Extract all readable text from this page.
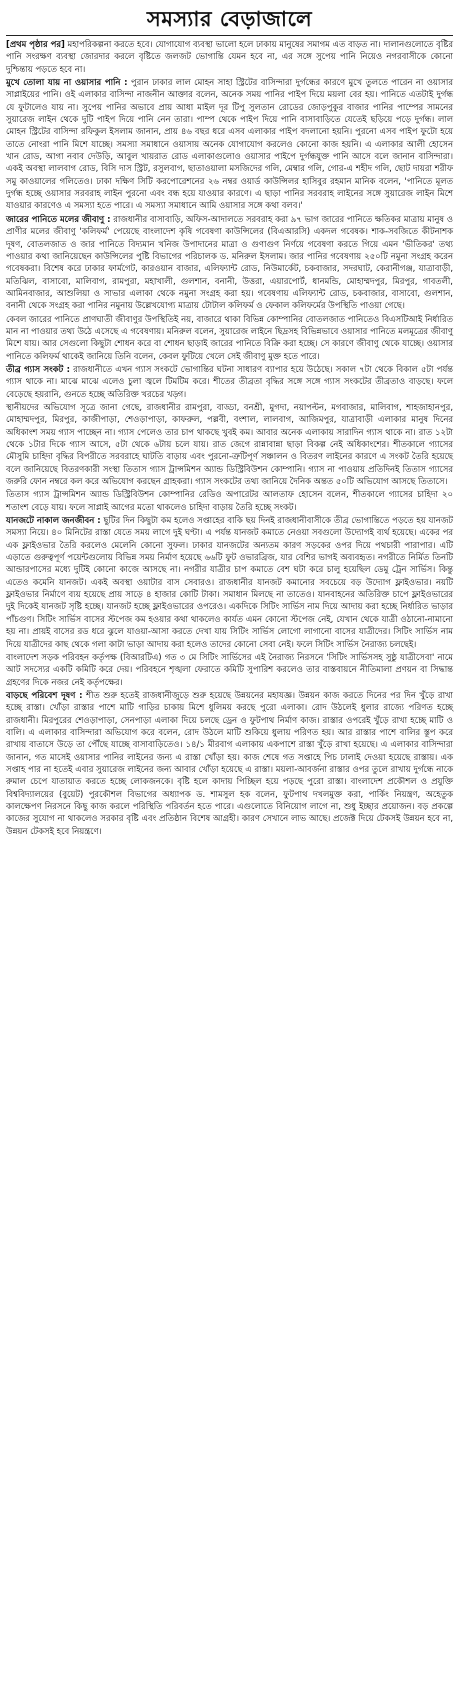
সমস্যার বেড়াজালে

[প্রথম পৃষ্ঠার পর] মহাপরিকল্পনা করতে হবে। যোগাযোগ ব্যবস্থা ভালো হলে ঢাকায় মানুষের সমাগম এত বাড়ত না। দালানগুলোতে বৃষ্টির পানি সংরক্ষণ ব্যবস্থা জোরদার করলে বৃষ্টিতে জলজট ভোগান্তি যেমন হবে না, এর সঙ্গে সুপেয় পানি নিয়েও নগরবাসীকে কোনো দুশ্চিন্তায় পড়তে হবে না।

মুখে তোলা যায় না ওয়াসার পানি : পুরান ঢাকার লাল মোহন সাহা স্ট্রিটের বাসিন্দারা দুর্গন্ধের কারণে মুখে তুলতে পারেন না ওয়াসার সাপ্লাইয়ের পানি। ওই এলাকার বাসিন্দা নাজনীন আক্তার বলেন, অনেক সময় পানির পাইপ দিয়ে ময়লা বের হয়। পানিতে এতটাই দুর্গন্ধ যে ফুটালেও যায় না। সুপেয় পানির অভাবে প্রায় আধা মাইল দূর টিপু সুলতান রোডের জোড়পুকুর বাজার পানির পাম্পের সামনের সুয়ারেজ লাইন থেকে দুটি পাইপ দিয়ে পানি নেন তারা। পাম্প থেকে পাইপ দিয়ে পানি বাসাবাড়িতে যেতেই ছড়িয়ে পড়ে দুর্গন্ধ। লাল মোহন স্ট্রিটের বাসিন্দা রফিকুল ইসলাম জানান, প্রায় ৪৬ বছর ধরে এসব এলাকার পাইপ বদলানো হয়নি। পুরনো এসব পাইপ ফুটো হয়ে তাতে নোংরা পানি মিশে যাচ্ছে। সমস্যা সমাধানে ওয়াসায় অনেক যোগাযোগ করলেও কোনো কাজ হয়নি। এ এলাকার আলী হোসেন খান রোড, আগা নবাব দেউড়ি, আবুল খায়রাত রোড এলাকাগুলোও ওয়াসার পাইপে দুর্গন্ধযুক্ত পানি আসে বলে জানান বাসিন্দারা। একই অবস্থা লালবাগ রোড, বিসি দাস স্ট্রিট, রসুলবাগ, ছাতাওয়ালা মসজিদের গলি, মেম্বার গলি, গোর-এ শহীদ গলি, ছোট দায়রা শরীফ সমু কাওয়ালের গলিতেও। ঢাকা দক্ষিণ সিটি করপোরেশনের ২৬ নম্বর ওয়ার্ড কাউন্সিলর হাসিবুর রহমান মানিক বলেন, 'পানিতে মূলত দুর্গন্ধ হচ্ছে ওয়াসার সরবরাহ লাইন পুরনো এবং বন্ধ হয়ে যাওয়ার কারণে। এ ছাড়া পানির সরবরাহ লাইনের সঙ্গে সুয়ারেজ লাইন মিশে যাওয়ার কারণেও এ সমস্যা হতে পারে। এ সমস্যা সমাধানে আমি ওয়াসার সঙ্গে কথা বলব।'

জারের পানিতে মলের জীবাণু : রাজধানীর বাসাবাড়ি, অফিস-আদালতে সরবরাহ করা ৯৭ ভাগ জারের পানিতে ক্ষতিকর মাত্রায় মানুষ ও প্রাণীর মলের জীবাণু 'কলিফর্ম' পেয়েছে বাংলাদেশ কৃষি গবেষণা কাউন্সিলের (বিএআরসি) একদল গবেষক। শাক-সবজিতে কীটনাশক দূষণ, বোতলজাত ও জার পানিতে বিদ্যমান খনিজ উপাদানের মাত্রা ও গুণাগুণ নির্ণয়ে গবেষণা করতে গিয়ে এমন 'ভীতিকর' তথ্য পাওয়ার কথা জানিয়েছেন কাউন্সিলের পুষ্টি বিভাগের পরিচালক ড. মনিরুল ইসলাম। জার পানির গবেষণায় ২৫০টি নমুনা সংগ্রহ করেন গবেষকরা। বিশেষ করে ঢাকার ফার্মগেট, কারওয়ান বাজার, এলিফ্যান্ট রোড, নিউমার্কেট, চকবাজার, সদরঘাট, কেরানীগঞ্জ, যাত্রাবাড়ী, মতিঝিল, বাসাবো, মালিবাগ, রামপুরা, মহাখালী, গুলশান, বনানী, উত্তরা, এয়ারপোর্ট, ধানমন্ডি, মোহাম্মদপুর, মিরপুর, গাবতলী, আমিনবাজার, আশুলিয়া ও সাভার এলাকা থেকে নমুনা সংগ্রহ করা হয়। গবেষণায় এলিফ্যান্ট রোড, চকবাজার, বাসাবো, গুলশান, বনানী থেকে সংগ্রহ করা পানির নমুনায় উল্লেখযোগ্য মাত্রায় টোটাল কলিফর্ম ও ফেকাল কলিফর্মের উপস্থিতি পাওয়া গেছে।

কেবল জারের পানিতে প্রাণঘাতী জীবাণুর উপস্থিতিই নয়, বাজারে থাকা বিভিন্ন কোম্পানির বোতলজাত পানিতেও বিএসটিআই নির্ধারিত মান না পাওয়ার তথ্য উঠে এসেছে এ গবেষণায়। মনিরুল বলেন, সুয়ারেজ লাইনে ছিদ্রসহ বিভিন্নভাবে ওয়াসার পানিতে মলমূত্রের জীবাণু মিশে যায়। আর সেগুলো কিছুটা শোধন করে বা শোধন ছাড়াই জারের পানিতে বিক্রি করা হচ্ছে। সে কারণে জীবাণু থেকে যাচ্ছে। ওয়াসার পানিতে কলিফর্ম থাকেই জানিয়ে তিনি বলেন, কেবল ফুটিয়ে খেলে সেই জীবাণু মুক্ত হতে পারে।

তীব্র গ্যাস সংকট : রাজধানীতে এখন গ্যাস সংকটে ভোগান্তির ঘটনা সাধারণ ব্যাপার হয়ে উঠেছে। সকাল ৭টা থেকে বিকাল ৫টা পর্যন্ত গ্যাস থাকে না। মাঝে মাঝে এলেও চুলা জ্বলে টিমটিম করে। শীতের তীব্রতা বৃদ্ধির সঙ্গে সঙ্গে গ্যাস সংকটের তীব্রতাও বাড়ছে। ফলে বেড়েছে হয়রানি, গুনতে হচ্ছে অতিরিক্ত খরচের খড়্গ।

স্থানীয়দের অভিযোগ সূত্রে জানা গেছে, রাজধানীর রামপুরা, বাড্ডা, বনশ্রী, মুগদা, নয়াপল্টন, মগবাজার, মালিবাগ, শাহজাহানপুর, মোহাম্মদপুর, মিরপুর, কাজীপাড়া, শেওড়াপাড়া, কাফরুল, পল্লবী, বংশাল, লালবাগ, আজিমপুর, যাত্রাবাড়ী এলাকার মানুষ দিনের অধিকাংশ সময় গ্যাস পাচ্ছেন না। গ্যাস পেলেও তার চাপ থাকছে খুবই কম। আবার অনেক এলাকায় সারাদিন গ্যাস থাকে না। রাত ১২টা থেকে ১টার দিকে গ্যাস আসে, ৫টা থেকে ৬টায় চলে যায়। রাত জেগে রান্নাবান্না ছাড়া বিকল্প নেই অধিকাংশের। শীতকালে গ্যাসের মৌসুমি চাহিদা বৃদ্ধির বিপরীতে সরবরাহে ঘাটতি বাড়ায় এবং পুরনো-ত্রুটিপূর্ণ সঞ্চালন ও বিতরণ লাইনের কারণে এ সংকট তৈরি হয়েছে বলে জানিয়েছে বিতরণকারী সংস্থা তিতাস গ্যাস ট্রান্সমিশন অ্যান্ড ডিস্ট্রিবিউশন কোম্পানি। গ্যাস না পাওয়ায় প্রতিদিনই তিতাস গ্যাসের জরুরি ফোন নম্বরে কল করে অভিযোগ করছেন গ্রাহকরা। গ্যাস সংকটের তথ্য জানিয়ে দৈনিক অন্তত ৫০টি অভিযোগ আসছে তিতাসে।

তিতাস গ্যাস ট্রান্সমিশন অ্যান্ড ডিস্ট্রিবিউশন কোম্পানির রেডিও অপারেটর আলতাফ হোসেন বলেন, শীতকালে গ্যাসের চাহিদা ২০ শতাংশ বেড়ে যায়। ফলে সাপ্লাই আগের মতো থাকলেও চাহিদা বাড়ায় তৈরি হচ্ছে সংকট।

যানজটে নাকাল জনজীবন : ছুটির দিন কিছুটা কম হলেও সপ্তাহের বাকি ছয় দিনই রাজধানীবাসীকে তীব্র ভোগান্তিতে পড়তে হয় যানজট সমস্যা নিয়ে। ৪০ মিনিটের রাস্তা যেতে সময় লাগে দুই ঘণ্টা। এ পর্যন্ত যানজট কমাতে নেওয়া সবগুলো উদ্যোগই ব্যর্থ হয়েছে। একের পর এক ফ্লাইওভার তৈরি করলেও মেলেনি কোনো সুফল। ঢাকার যানজটের অন্যতম কারণ সড়কের ওপর দিয়ে পথচারী পারাপার। এটি এড়াতে গুরুত্বপূর্ণ পয়েন্টগুলোয় বিভিন্ন সময় নির্মাণ হয়েছে ৬৬টি ফুট ওভারব্রিজ, যার বেশির ভাগই অব্যবহৃত। নগরীতে নির্মিত তিনটি আন্ডারপাসের মধ্যে দুটিই কোনো কাজে আসছে না। নগরীর যাত্রীর চাপ কমাতে বেশ ঘটা করে চালু হয়েছিল ডেমু ট্রেন সার্ভিস। কিন্তু এতেও কমেনি যানজট। একই অবস্থা ওয়াটার বাস সেবারও। রাজধানীর যানজট কমানোর সবচেয়ে বড় উদ্যোগ ফ্লাইওভার। নয়টি ফ্লাইওভার নির্মাণে ব্যয় হয়েছে প্রায় সাড়ে ৪ হাজার কোটি টাকা। সমাধান মিলছে না তাতেও। যানবাহনের অতিরিক্ত চাপে ফ্লাইওভারের দুই দিকেই যানজট সৃষ্টি হচ্ছে। যানজট হচ্ছে ফ্লাইওভারের ওপরেও। একদিকে সিটিং সার্ভিস নাম দিয়ে আদায় করা হচ্ছে নির্ধারিত ভাড়ার পাঁচগুণ। সিটিং সার্ভিস বাসের স্টপেজ কম হওয়ার কথা থাকলেও কার্যত এমন কোনো স্টপেজ নেই, যেখান থেকে যাত্রী ওঠানো-নামানো হয় না। প্রায়ই বাসের রড ধরে ঝুলে যাওয়া-আসা করতে দেখা যায় সিটিং সার্ভিস লোগো লাগানো বাসের যাত্রীদের। সিটিং সার্ভিস নাম দিয়ে যাত্রীদের কাছ থেকে গলা কাটা ভাড়া আদায় করা হলেও তাদের কোনো সেবা নেই। ফলে সিটিং সার্ভিস নৈরাজ্য চলছেই।

বাংলাদেশ সড়ক পরিবহন কর্তৃপক্ষ (বিআরটিএ) গত ৩ মে সিটিং সার্ভিসের এই নৈরাজ্য নিরসনে 'সিটিং সার্ভিসসহ সুষ্ঠু যাত্রীসেবা' নামে আট সদস্যের একটি কমিটি করে দেয়। পরিবহনে শৃঙ্খলা ফেরাতে কমিটি সুপারিশ করলেও তার বাস্তবায়নে নীতিমালা প্রণয়ন বা সিদ্ধান্ত গ্রহণের দিকে নজর নেই কর্তৃপক্ষের।

বাড়ছে পরিবেশ দূষণ : শীত শুরু হতেই রাজধানীজুড়ে শুরু হয়েছে উন্নয়নের মহাযজ্ঞ। উন্নয়ন কাজ করতে দিনের পর দিন খুঁড়ে রাখা হচ্ছে রাস্তা। খোঁড়া রাস্তার পাশে মাটি গাড়ির চাকায় মিশে ধুলিময় করছে পুরো এলাকা। রোদ উঠলেই ধুলার রাজ্যে পরিণত হচ্ছে রাজধানী। মিরপুরের শেওড়াপাড়া, সেনপাড়া এলাকা দিয়ে চলছে ড্রেন ও ফুটপাথ নির্মাণ কাজ। রাস্তার ওপরেই খুঁড়ে রাখা হচ্ছে মাটি ও বালি। এ এলাকার বাসিন্দারা অভিযোগ করে বলেন, রোদ উঠলে মাটি শুকিয়ে ধুলায় পরিণত হয়। আর রাস্তার পাশে বালির স্তূপ করে রাখায় বাতাসে উড়ে তা পৌঁছে যাচ্ছে বাসাবাড়িতেও। ১৪/১ মীরবাগ এলাকায় একপাশে রাস্তা খুঁড়ে রাখা হয়েছে। এ এলাকার বাসিন্দারা জানান, গত মাসেই ওয়াসার পানির লাইনের জন্য এ রাস্তা খোঁড়া হয়। কাজ শেষে গত সপ্তাহে পিচ ঢালাই দেওয়া হয়েছে রাস্তায়। এক সপ্তাহ পার না হতেই এবার সুয়ারেজ লাইনের জন্য আবার খোঁড়া হয়েছে এ রাস্তা। ময়লা-আবর্জনা রাস্তার ওপর তুলে রাখায় দুর্গন্ধে নাকে রুমাল চেপে যাতায়াত করতে হচ্ছে লোকজনকে। বৃষ্টি হলে কাদায় পিচ্ছিল হয়ে পড়ছে পুরো রাস্তা। বাংলাদেশ প্রকৌশল ও প্রযুক্তি বিশ্ববিদ্যালয়ের (বুয়েট) পুরকৌশল বিভাগের অধ্যাপক ড. শামসুল হক বলেন, ফুটপাথ দখলমুক্ত করা, পার্কিং নিয়ন্ত্রণ, অহেতুক কালক্ষেপণ নিরসনে কিছু কাজ করলে পরিস্থিতি পরিবর্তন হতে পারে। এগুলোতে বিনিয়োগ লাগে না, শুধু ইচ্ছার প্রয়োজন। বড় প্রকল্পে কাজের সুযোগ না থাকলেও সরকার বৃষ্টি এবং প্রতিষ্ঠান বিশেষ আগ্রহী। কারণ সেখানে লাভ আছে। প্রজেক্ট দিয়ে টেকসই উন্নয়ন হবে না, উন্নয়ন টেকসই হবে নিয়ন্ত্রণে।
